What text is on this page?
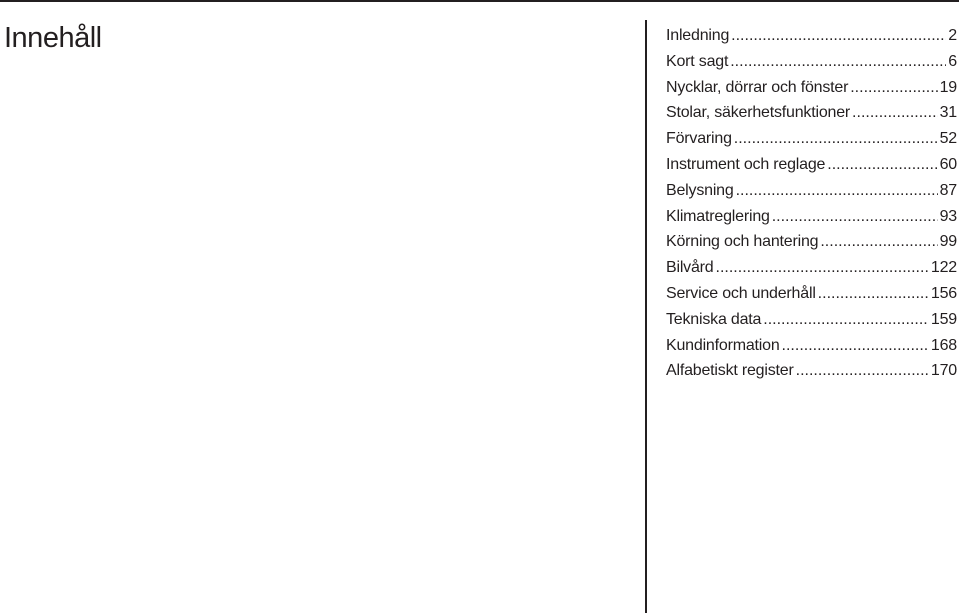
Innehåll	Inledning .....	2
Kort sagt .....	6
Nycklar, dörrar och fönster .....	19
Stolar, säkerhetsfunktioner .....	31
Förvaring .....	52
Instrument och reglage .....	60
Belysning .....	87
Klimatreglering .....	93
Körning och hantering .....	99
Bilvård .....	122
Service och underhåll .....	156
Tekniska data .....	159
Kundinformation .....	168
Alfabetiskt register .....	170
